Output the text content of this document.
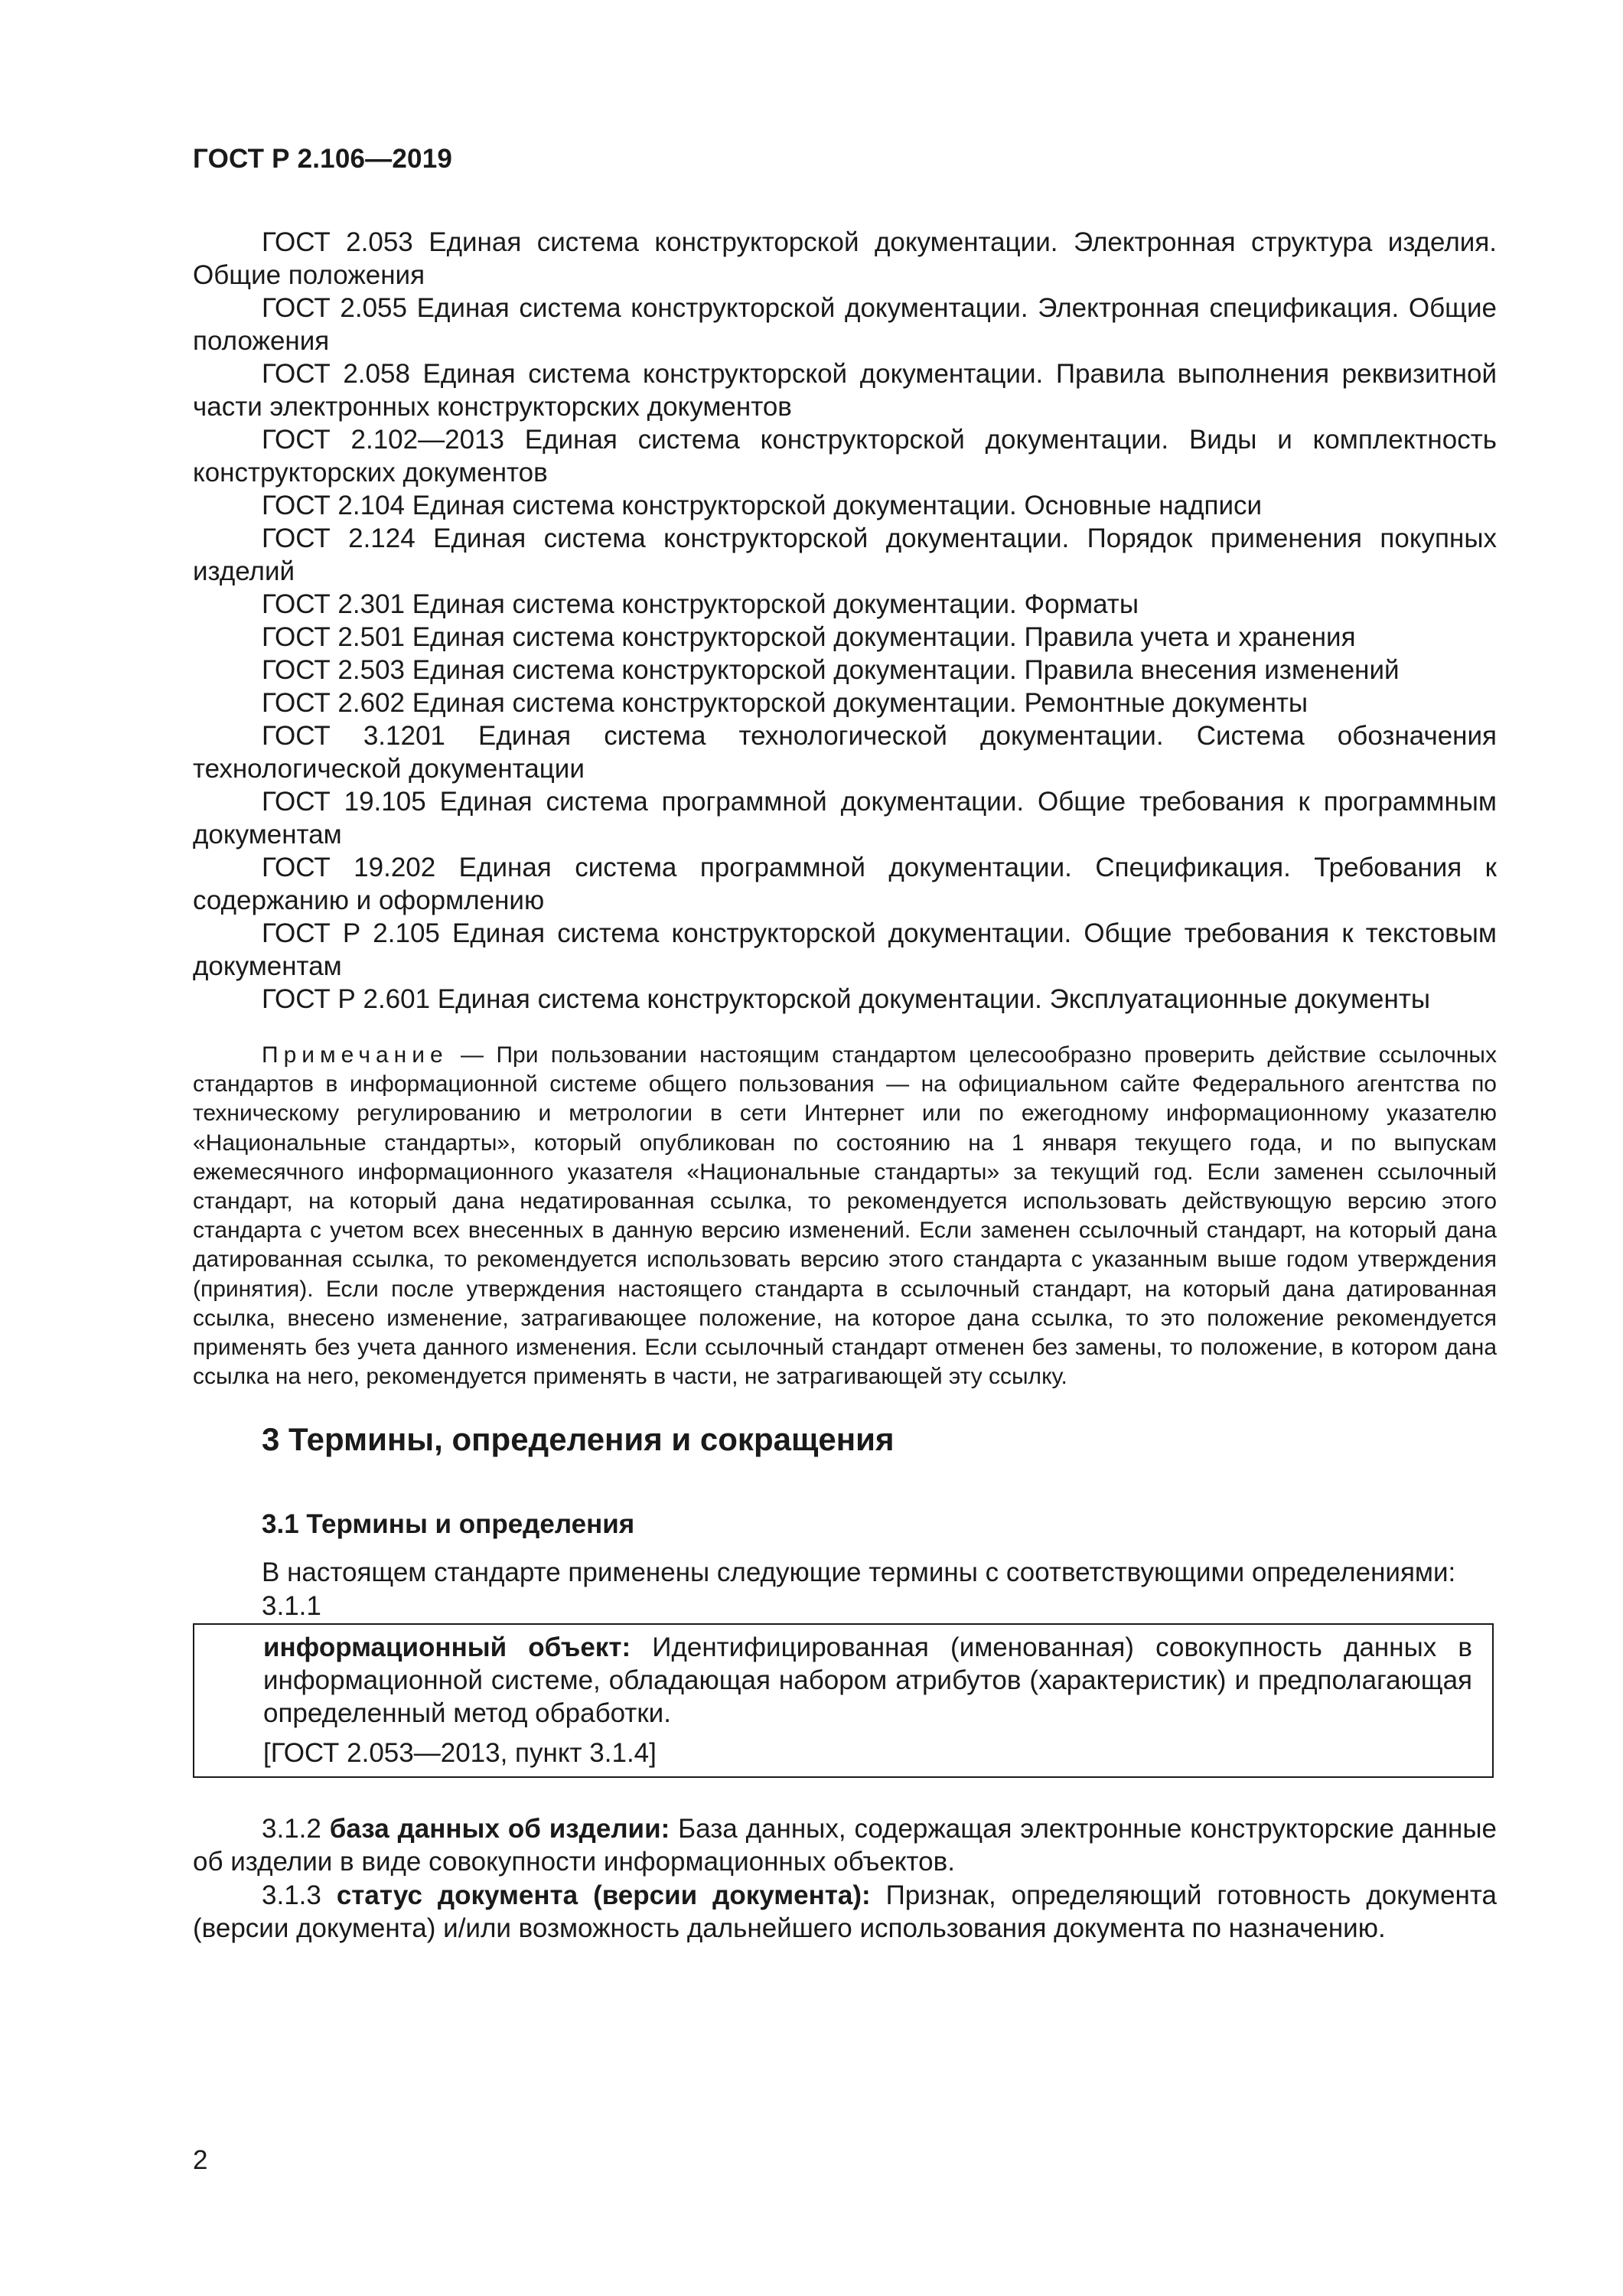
ГОСТ Р 2.106—2019

ГОСТ 2.053 Единая система конструкторской документации. Электронная структура изделия. Общие положения

ГОСТ 2.055 Единая система конструкторской документации. Электронная спецификация. Общие положения

ГОСТ 2.058 Единая система конструкторской документации. Правила выполнения реквизитной части электронных конструкторских документов

ГОСТ 2.102—2013 Единая система конструкторской документации. Виды и комплектность конструкторских документов

ГОСТ 2.104 Единая система конструкторской документации. Основные надписи

ГОСТ 2.124 Единая система конструкторской документации. Порядок применения покупных изделий

ГОСТ 2.301 Единая система конструкторской документации. Форматы

ГОСТ 2.501 Единая система конструкторской документации. Правила учета и хранения

ГОСТ 2.503 Единая система конструкторской документации. Правила внесения изменений

ГОСТ 2.602 Единая система конструкторской документации. Ремонтные документы

ГОСТ 3.1201 Единая система технологической документации. Система обозначения технологической документации

ГОСТ 19.105 Единая система программной документации. Общие требования к программным документам

ГОСТ 19.202 Единая система программной документации. Спецификация. Требования к содержанию и оформлению

ГОСТ Р 2.105 Единая система конструкторской документации. Общие требования к текстовым документам

ГОСТ Р 2.601 Единая система конструкторской документации. Эксплуатационные документы

Примечание — При пользовании настоящим стандартом целесообразно проверить действие ссылочных стандартов в информационной системе общего пользования — на официальном сайте Федерального агентства по техническому регулированию и метрологии в сети Интернет или по ежегодному информационному указателю «Национальные стандарты», который опубликован по состоянию на 1 января текущего года, и по выпускам ежемесячного информационного указателя «Национальные стандарты» за текущий год. Если заменен ссылочный стандарт, на который дана недатированная ссылка, то рекомендуется использовать действующую версию этого стандарта с учетом всех внесенных в данную версию изменений. Если заменен ссылочный стандарт, на который дана датированная ссылка, то рекомендуется использовать версию этого стандарта с указанным выше годом утверждения (принятия). Если после утверждения настоящего стандарта в ссылочный стандарт, на который дана датированная ссылка, внесено изменение, затрагивающее положение, на которое дана ссылка, то это положение рекомендуется применять без учета данного изменения. Если ссылочный стандарт отменен без замены, то положение, в котором дана ссылка на него, рекомендуется применять в части, не затрагивающей эту ссылку.

3 Термины, определения и сокращения
3.1 Термины и определения
В настоящем стандарте применены следующие термины с соответствующими определениями:
3.1.1

информационный объект: Идентифицированная (именованная) совокупность данных в информационной системе, обладающая набором атрибутов (характеристик) и предполагающая определенный метод обработки.

[ГОСТ 2.053—2013, пункт 3.1.4]

3.1.2 база данных об изделии: База данных, содержащая электронные конструкторские данные об изделии в виде совокупности информационных объектов.

3.1.3 статус документа (версии документа): Признак, определяющий готовность документа (версии документа) и/или возможность дальнейшего использования документа по назначению.

2
